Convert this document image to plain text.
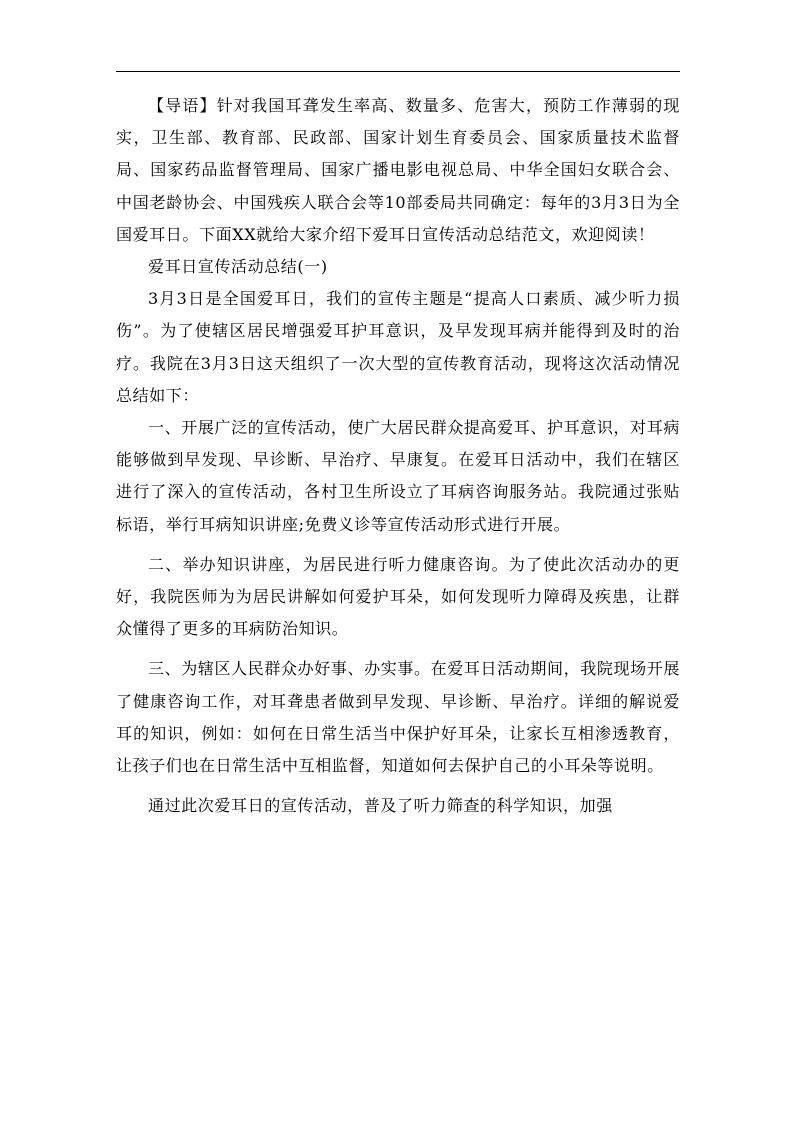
【导语】针对我国耳聋发生率高、数量多、危害大，预防工作薄弱的现实，卫生部、教育部、民政部、国家计划生育委员会、国家质量技术监督局、国家药品监督管理局、国家广播电影电视总局、中华全国妇女联合会、中国老龄协会、中国残疾人联合会等10部委局共同确定：每年的3月3日为全国爱耳日。下面XX就给大家介绍下爱耳日宣传活动总结范文，欢迎阅读！

爱耳日宣传活动总结(一)

3月3日是全国爱耳日，我们的宣传主题是“提高人口素质、减少听力损伤”。为了使辖区居民增强爱耳护耳意识，及早发现耳病并能得到及时的治疗。我院在3月3日这天组织了一次大型的宣传教育活动，现将这次活动情况总结如下：

一、开展广泛的宣传活动，使广大居民群众提高爱耳、护耳意识，对耳病能够做到早发现、早诊断、早治疗、早康复。在爱耳日活动中，我们在辖区进行了深入的宣传活动，各村卫生所设立了耳病咨询服务站。我院通过张贴标语，举行耳病知识讲座;免费义诊等宣传活动形式进行开展。

二、举办知识讲座，为居民进行听力健康咨询。为了使此次活动办的更好，我院医师为为居民讲解如何爱护耳朵，如何发现听力障碍及疾患，让群众懂得了更多的耳病防治知识。

三、为辖区人民群众办好事、办实事。在爱耳日活动期间，我院现场开展了健康咨询工作，对耳聋患者做到早发现、早诊断、早治疗。详细的解说爱耳的知识，例如：如何在日常生活当中保护好耳朵，让家长互相渗透教育，让孩子们也在日常生活中互相监督，知道如何去保护自己的小耳朵等说明。

通过此次爱耳日的宣传活动，普及了听力筛查的科学知识，加强
